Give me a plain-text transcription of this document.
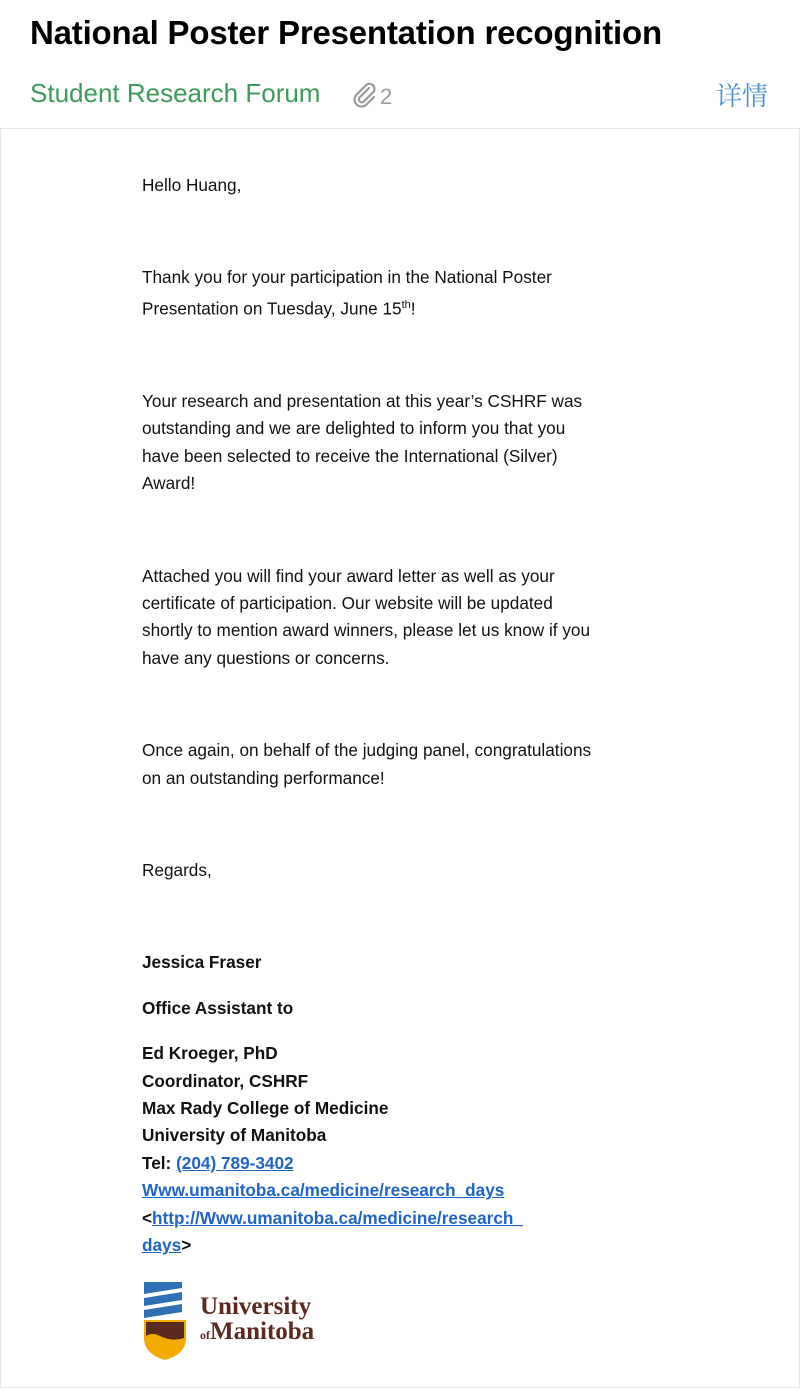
National Poster Presentation recognition
Student Research Forum	2	详情

Hello Huang,

Thank you for your participation in the National Poster Presentation on Tuesday, June 15th!

Your research and presentation at this year’s CSHRF was outstanding and we are delighted to inform you that you have been selected to receive the International (Silver) Award!

Attached you will find your award letter as well as your certificate of participation. Our website will be updated shortly to mention award winners, please let us know if you have any questions or concerns.

Once again, on behalf of the judging panel, congratulations on an outstanding performance!

Regards,

Jessica Fraser

Office Assistant to

Ed Kroeger, PhD

Coordinator, CSHRF

Max Rady College of Medicine

University of Manitoba

Tel: (204) 789-3402

Www.umanitoba.ca/medicine/research_days

<http://Www.umanitoba.ca/medicine/research_
days>

University
ofManitoba
